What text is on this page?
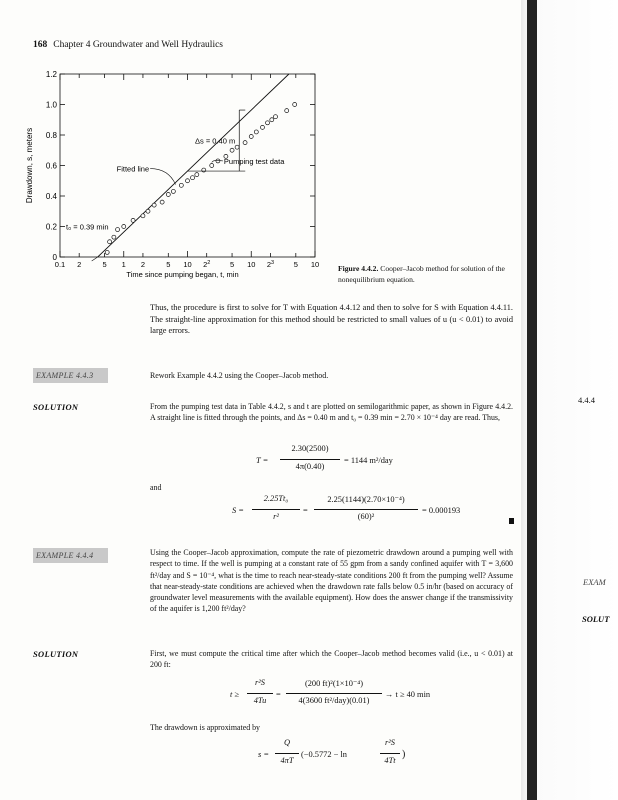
4.4.4
EXAM
SOLUT
168 Chapter 4 Groundwater and Well Hydraulics
0
0.2
0.4
0.6
0.8
1.0
1.2
0.1 2	5 1 2	5 10 $2^2$	5 10 $2^3$	5 10
Time since pumping began, t, min
Drawdown, s, meters	Δs = 0.40 m
t₀ = 0.39 min
Fitted line
Pumping test data
Figure 4.4.2. Cooper–Jacob method for solution of the nonequilibrium equation.
Thus, the procedure is first to solve for T with Equation 4.4.12 and then to solve for S with Equation 4.4.11. The straight-line approximation for this method should be restricted to small values of u (u < 0.01) to avoid large errors.
EXAMPLE 4.4.3	Rework Example 4.4.2 using the Cooper–Jacob method.
SOLUTION	From the pumping test data in Table 4.4.2, s and t are plotted on semilogarithmic paper, as shown in Figure 4.4.2. A straight line is fitted through the points, and Δs = 0.40 m and t₀ = 0.39 min = 2.70 × 10⁻⁴ day are read. Thus,
T =
2.30(2500)
4π(0.40)
= 1144 m²/day
and
S =
2.25Tt₀
r²
=
2.25(1144)(2.70×10⁻⁴)
(60)²
= 0.000193
EXAMPLE 4.4.4	Using the Cooper–Jacob approximation, compute the rate of piezometric drawdown around a pumping well with respect to time. If the well is pumping at a constant rate of 55 gpm from a sandy confined aquifer with T = 3,600 ft²/day and S = 10⁻⁴, what is the time to reach near-steady-state conditions 200 ft from the pumping well? Assume that near-steady-state conditions are achieved when the drawdown rate falls below 0.5 in/hr (based on accuracy of groundwater level measurements with the available equipment). How does the answer change if the transmissivity of the aquifer is 1,200 ft²/day?
SOLUTION	First, we must compute the critical time after which the Cooper–Jacob method becomes valid (i.e., u < 0.01) at 200 ft:
t ≥
r²S
4Tu
=
(200 ft)²(1×10⁻⁴)
4(3600 ft²/day)(0.01)
→ t ≥ 40 min
The drawdown is approximated by
s =
Q
4πT
(−0.5772 − ln
r²S
4Tt
)
